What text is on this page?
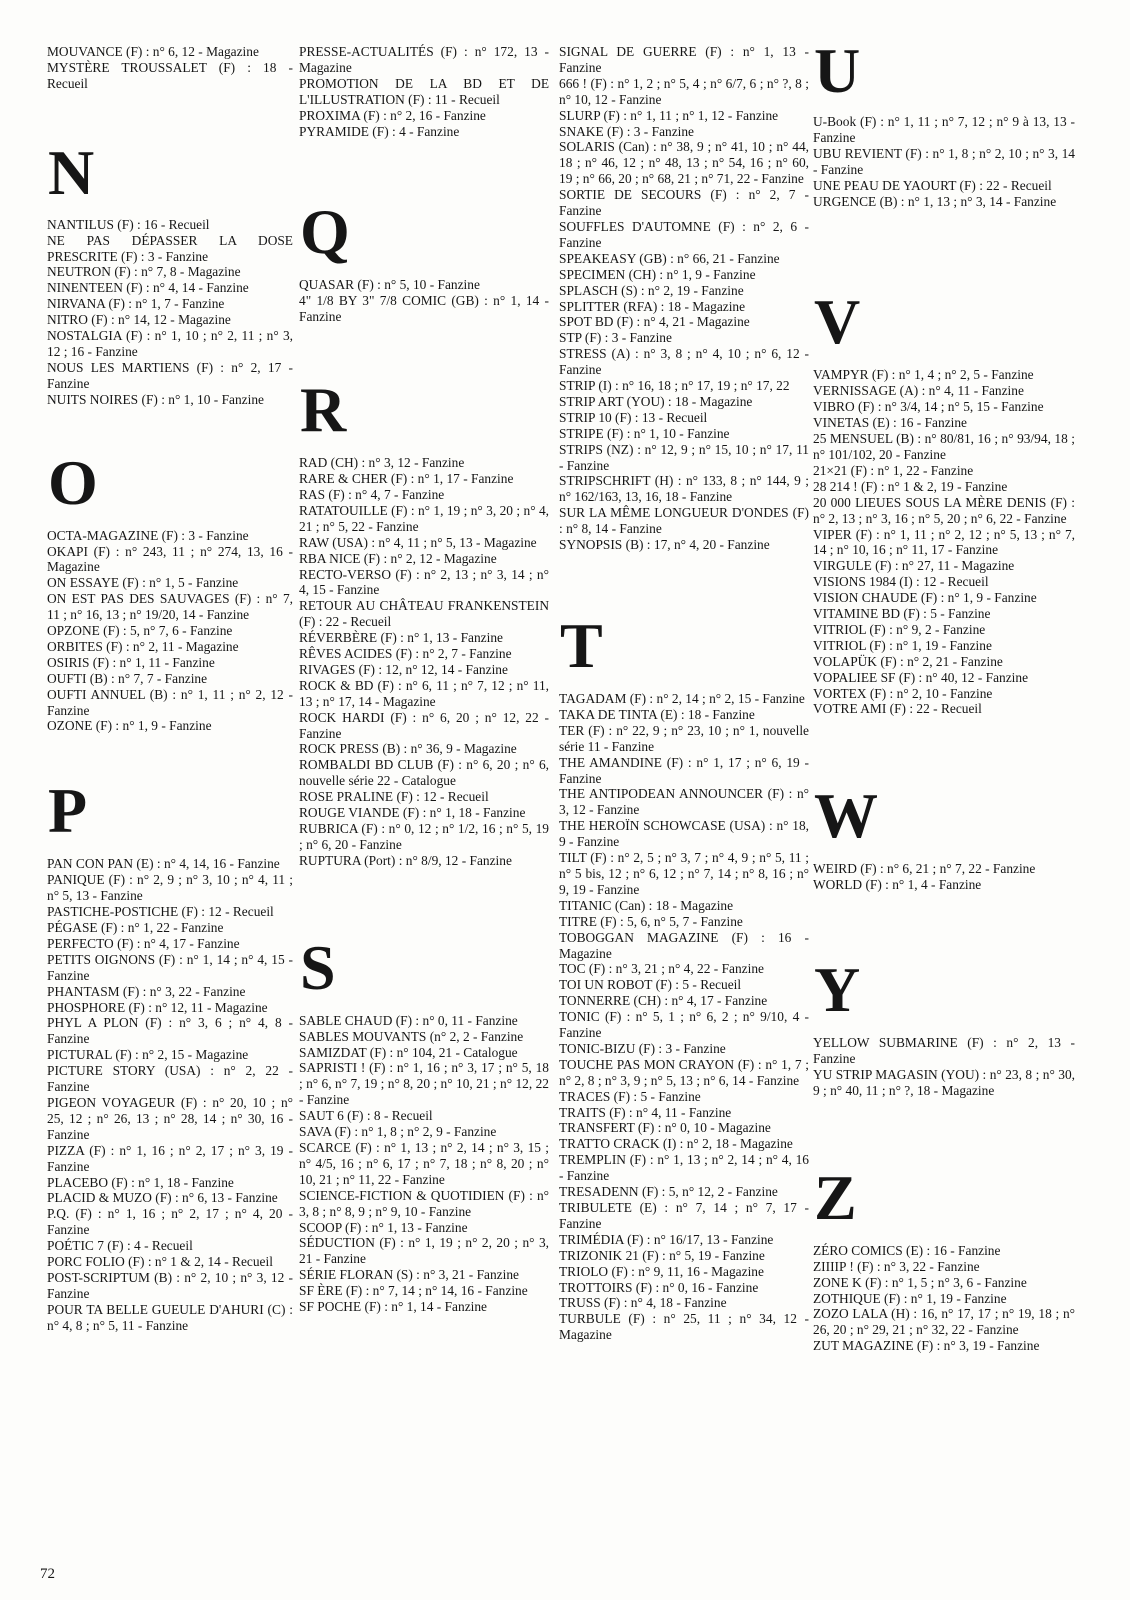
MOUVANCE (F) : n° 6, 12 - Magazine
MYSTÈRE TROUSSALET (F) : 18 - Recueil
N
NANTILUS (F) : 16 - Recueil
NE PAS DÉPASSER LA DOSE PRESCRITE (F) : 3 - Fanzine
NEUTRON (F) : n° 7, 8 - Magazine
NINENTEEN (F) : n° 4, 14 - Fanzine
NIRVANA (F) : n° 1, 7 - Fanzine
NITRO (F) : n° 14, 12 - Magazine
NOSTALGIA (F) : n° 1, 10 ; n° 2, 11 ; n° 3, 12 ; 16 - Fanzine
NOUS LES MARTIENS (F) : n° 2, 17 - Fanzine
NUITS NOIRES (F) : n° 1, 10 - Fanzine
O
OCTA-MAGAZINE (F) : 3 - Fanzine
OKAPI (F) : n° 243, 11 ; n° 274, 13, 16 - Magazine
ON ESSAYE (F) : n° 1, 5 - Fanzine
ON EST PAS DES SAUVAGES (F) : n° 7, 11 ; n° 16, 13 ; n° 19/20, 14 - Fanzine
OPZONE (F) : 5, n° 7, 6 - Fanzine
ORBITES (F) : n° 2, 11 - Magazine
OSIRIS (F) : n° 1, 11 - Fanzine
OUFTI (B) : n° 7, 7 - Fanzine
OUFTI ANNUEL (B) : n° 1, 11 ; n° 2, 12 - Fanzine
OZONE (F) : n° 1, 9 - Fanzine
P
PAN CON PAN (E) : n° 4, 14, 16 - Fanzine
PANIQUE (F) : n° 2, 9 ; n° 3, 10 ; n° 4, 11 ; n° 5, 13 - Fanzine
PASTICHE-POSTICHE (F) : 12 - Recueil
PÉGASE (F) : n° 1, 22 - Fanzine
PERFECTO (F) : n° 4, 17 - Fanzine
PETITS OIGNONS (F) : n° 1, 14 ; n° 4, 15 - Fanzine
PHANTASM (F) : n° 3, 22 - Fanzine
PHOSPHORE (F) : n° 12, 11 - Magazine
PHYL A PLON (F) : n° 3, 6 ; n° 4, 8 - Fanzine
PICTURAL (F) : n° 2, 15 - Magazine
PICTURE STORY (USA) : n° 2, 22 - Fanzine
PIGEON VOYAGEUR (F) : n° 20, 10 ; n° 25, 12 ; n° 26, 13 ; n° 28, 14 ; n° 30, 16 - Fanzine
PIZZA (F) : n° 1, 16 ; n° 2, 17 ; n° 3, 19 - Fanzine
PLACEBO (F) : n° 1, 18 - Fanzine
PLACID & MUZO (F) : n° 6, 13 - Fanzine
P.Q. (F) : n° 1, 16 ; n° 2, 17 ; n° 4, 20 - Fanzine
POÉTIC 7 (F) : 4 - Recueil
PORC FOLIO (F) : n° 1 & 2, 14 - Recueil
POST-SCRIPTUM (B) : n° 2, 10 ; n° 3, 12 - Fanzine
POUR TA BELLE GUEULE D'AHURI (C) : n° 4, 8 ; n° 5, 11 - Fanzine
PRESSE-ACTUALITÉS (F) : n° 172, 13 - Magazine
PROMOTION DE LA BD ET DE L'ILLUSTRATION (F) : 11 - Recueil
PROXIMA (F) : n° 2, 16 - Fanzine
PYRAMIDE (F) : 4 - Fanzine
Q
QUASAR (F) : n° 5, 10 - Fanzine
4" 1/8 BY 3" 7/8 COMIC (GB) : n° 1, 14 - Fanzine
R
RAD (CH) : n° 3, 12 - Fanzine
RARE & CHER (F) : n° 1, 17 - Fanzine
RAS (F) : n° 4, 7 - Fanzine
RATATOUILLE (F) : n° 1, 19 ; n° 3, 20 ; n° 4, 21 ; n° 5, 22 - Fanzine
RAW (USA) : n° 4, 11 ; n° 5, 13 - Magazine
RBA NICE (F) : n° 2, 12 - Magazine
RECTO-VERSO (F) : n° 2, 13 ; n° 3, 14 ; n° 4, 15 - Fanzine
RETOUR AU CHÂTEAU FRANKENSTEIN (F) : 22 - Recueil
RÉVERBÈRE (F) : n° 1, 13 - Fanzine
RÊVES ACIDES (F) : n° 2, 7 - Fanzine
RIVAGES (F) : 12, n° 12, 14 - Fanzine
ROCK & BD (F) : n° 6, 11 ; n° 7, 12 ; n° 11, 13 ; n° 17, 14 - Magazine
ROCK HARDI (F) : n° 6, 20 ; n° 12, 22 - Fanzine
ROCK PRESS (B) : n° 36, 9 - Magazine
ROMBALDI BD CLUB (F) : n° 6, 20 ; n° 6, nouvelle série 22 - Catalogue
ROSE PRALINE (F) : 12 - Recueil
ROUGE VIANDE (F) : n° 1, 18 - Fanzine
RUBRICA (F) : n° 0, 12 ; n° 1/2, 16 ; n° 5, 19 ; n° 6, 20 - Fanzine
RUPTURA (Port) : n° 8/9, 12 - Fanzine
S
SABLE CHAUD (F) : n° 0, 11 - Fanzine
SABLES MOUVANTS (n° 2, 2 - Fanzine
SAMIZDAT (F) : n° 104, 21 - Catalogue
SAPRISTI ! (F) : n° 1, 16 ; n° 3, 17 ; n° 5, 18 ; n° 6, n° 7, 19 ; n° 8, 20 ; n° 10, 21 ; n° 12, 22 - Fanzine
SAUT 6 (F) : 8 - Recueil
SAVA (F) : n° 1, 8 ; n° 2, 9 - Fanzine
SCARCE (F) : n° 1, 13 ; n° 2, 14 ; n° 3, 15 ; n° 4/5, 16 ; n° 6, 17 ; n° 7, 18 ; n° 8, 20 ; n° 10, 21 ; n° 11, 22 - Fanzine
SCIENCE-FICTION & QUOTIDIEN (F) : n° 3, 8 ; n° 8, 9 ; n° 9, 10 - Fanzine
SCOOP (F) : n° 1, 13 - Fanzine
SÉDUCTION (F) : n° 1, 19 ; n° 2, 20 ; n° 3, 21 - Fanzine
SÉRIE FLORAN (S) : n° 3, 21 - Fanzine
SF ÈRE (F) : n° 7, 14 ; n° 14, 16 - Fanzine
SF POCHE (F) : n° 1, 14 - Fanzine
SIGNAL DE GUERRE (F) : n° 1, 13 - Fanzine
666 ! (F) : n° 1, 2 ; n° 5, 4 ; n° 6/7, 6 ; n° ?, 8 ; n° 10, 12 - Fanzine
SLURP (F) : n° 1, 11 ; n° 1, 12 - Fanzine
SNAKE (F) : 3 - Fanzine
SOLARIS (Can) : n° 38, 9 ; n° 41, 10 ; n° 44, 18 ; n° 46, 12 ; n° 48, 13 ; n° 54, 16 ; n° 60, 19 ; n° 66, 20 ; n° 68, 21 ; n° 71, 22 - Fanzine
SORTIE DE SECOURS (F) : n° 2, 7 - Fanzine
SOUFFLES D'AUTOMNE (F) : n° 2, 6 - Fanzine
SPEAKEASY (GB) : n° 66, 21 - Fanzine
SPECIMEN (CH) : n° 1, 9 - Fanzine
SPLASCH (S) : n° 2, 19 - Fanzine
SPLITTER (RFA) : 18 - Magazine
SPOT BD (F) : n° 4, 21 - Magazine
STP (F) : 3 - Fanzine
STRESS (A) : n° 3, 8 ; n° 4, 10 ; n° 6, 12 - Fanzine
STRIP (I) : n° 16, 18 ; n° 17, 19 ; n° 17, 22
STRIP ART (YOU) : 18 - Magazine
STRIP 10 (F) : 13 - Recueil
STRIPE (F) : n° 1, 10 - Fanzine
STRIPS (NZ) : n° 12, 9 ; n° 15, 10 ; n° 17, 11 - Fanzine
STRIPSCHRIFT (H) : n° 133, 8 ; n° 144, 9 ; n° 162/163, 13, 16, 18 - Fanzine
SUR LA MÊME LONGUEUR D'ONDES (F) : n° 8, 14 - Fanzine
SYNOPSIS (B) : 17, n° 4, 20 - Fanzine
T
TAGADAM (F) : n° 2, 14 ; n° 2, 15 - Fanzine
TAKA DE TINTA (E) : 18 - Fanzine
TER (F) : n° 22, 9 ; n° 23, 10 ; n° 1, nouvelle série 11 - Fanzine
THE AMANDINE (F) : n° 1, 17 ; n° 6, 19 - Fanzine
THE ANTIPODEAN ANNOUNCER (F) : n° 3, 12 - Fanzine
THE HEROÏN SCHOWCASE (USA) : n° 18, 9 - Fanzine
TILT (F) : n° 2, 5 ; n° 3, 7 ; n° 4, 9 ; n° 5, 11 ; n° 5 bis, 12 ; n° 6, 12 ; n° 7, 14 ; n° 8, 16 ; n° 9, 19 - Fanzine
TITANIC (Can) : 18 - Magazine
TITRE (F) : 5, 6, n° 5, 7 - Fanzine
TOBOGGAN MAGAZINE (F) : 16 - Magazine
TOC (F) : n° 3, 21 ; n° 4, 22 - Fanzine
TOI UN ROBOT (F) : 5 - Recueil
TONNERRE (CH) : n° 4, 17 - Fanzine
TONIC (F) : n° 5, 1 ; n° 6, 2 ; n° 9/10, 4 - Fanzine
TONIC-BIZU (F) : 3 - Fanzine
TOUCHE PAS MON CRAYON (F) : n° 1, 7 ; n° 2, 8 ; n° 3, 9 ; n° 5, 13 ; n° 6, 14 - Fanzine
TRACES (F) : 5 - Fanzine
TRAITS (F) : n° 4, 11 - Fanzine
TRANSFERT (F) : n° 0, 10 - Magazine
TRATTO CRACK (I) : n° 2, 18 - Magazine
TREMPLIN (F) : n° 1, 13 ; n° 2, 14 ; n° 4, 16 - Fanzine
TRESADENN (F) : 5, n° 12, 2 - Fanzine
TRIBULETE (E) : n° 7, 14 ; n° 7, 17 - Fanzine
TRIMÉDIA (F) : n° 16/17, 13 - Fanzine
TRIZONIK 21 (F) : n° 5, 19 - Fanzine
TRIOLO (F) : n° 9, 11, 16 - Magazine
TROTTOIRS (F) : n° 0, 16 - Fanzine
TRUSS (F) : n° 4, 18 - Fanzine
TURBULE (F) : n° 25, 11 ; n° 34, 12 - Magazine
U
U-Book (F) : n° 1, 11 ; n° 7, 12 ; n° 9 à 13, 13 - Fanzine
UBU REVIENT (F) : n° 1, 8 ; n° 2, 10 ; n° 3, 14 - Fanzine
UNE PEAU DE YAOURT (F) : 22 - Recueil
URGENCE (B) : n° 1, 13 ; n° 3, 14 - Fanzine
V
VAMPYR (F) : n° 1, 4 ; n° 2, 5 - Fanzine
VERNISSAGE (A) : n° 4, 11 - Fanzine
VIBRO (F) : n° 3/4, 14 ; n° 5, 15 - Fanzine
VINETAS (E) : 16 - Fanzine
25 MENSUEL (B) : n° 80/81, 16 ; n° 93/94, 18 ; n° 101/102, 20 - Fanzine
21×21 (F) : n° 1, 22 - Fanzine
28 214 ! (F) : n° 1 & 2, 19 - Fanzine
20 000 LIEUES SOUS LA MÈRE DENIS (F) : n° 2, 13 ; n° 3, 16 ; n° 5, 20 ; n° 6, 22 - Fanzine
VIPER (F) : n° 1, 11 ; n° 2, 12 ; n° 5, 13 ; n° 7, 14 ; n° 10, 16 ; n° 11, 17 - Fanzine
VIRGULE (F) : n° 27, 11 - Magazine
VISIONS 1984 (I) : 12 - Recueil
VISION CHAUDE (F) : n° 1, 9 - Fanzine
VITAMINE BD (F) : 5 - Fanzine
VITRIOL (F) : n° 9, 2 - Fanzine
VITRIOL (F) : n° 1, 19 - Fanzine
VOLAPÜK (F) : n° 2, 21 - Fanzine
VOPALIEE SF (F) : n° 40, 12 - Fanzine
VORTEX (F) : n° 2, 10 - Fanzine
VOTRE AMI (F) : 22 - Recueil
W
WEIRD (F) : n° 6, 21 ; n° 7, 22 - Fanzine
WORLD (F) : n° 1, 4 - Fanzine
Y
YELLOW SUBMARINE (F) : n° 2, 13 - Fanzine
YU STRIP MAGASIN (YOU) : n° 23, 8 ; n° 30, 9 ; n° 40, 11 ; n° ?, 18 - Magazine
Z
ZÉRO COMICS (E) : 16 - Fanzine
ZIIIIP ! (F) : n° 3, 22 - Fanzine
ZONE K (F) : n° 1, 5 ; n° 3, 6 - Fanzine
ZOTHIQUE (F) : n° 1, 19 - Fanzine
ZOZO LALA (H) : 16, n° 17, 17 ; n° 19, 18 ; n° 26, 20 ; n° 29, 21 ; n° 32, 22 - Fanzine
ZUT MAGAZINE (F) : n° 3, 19 - Fanzine
72
